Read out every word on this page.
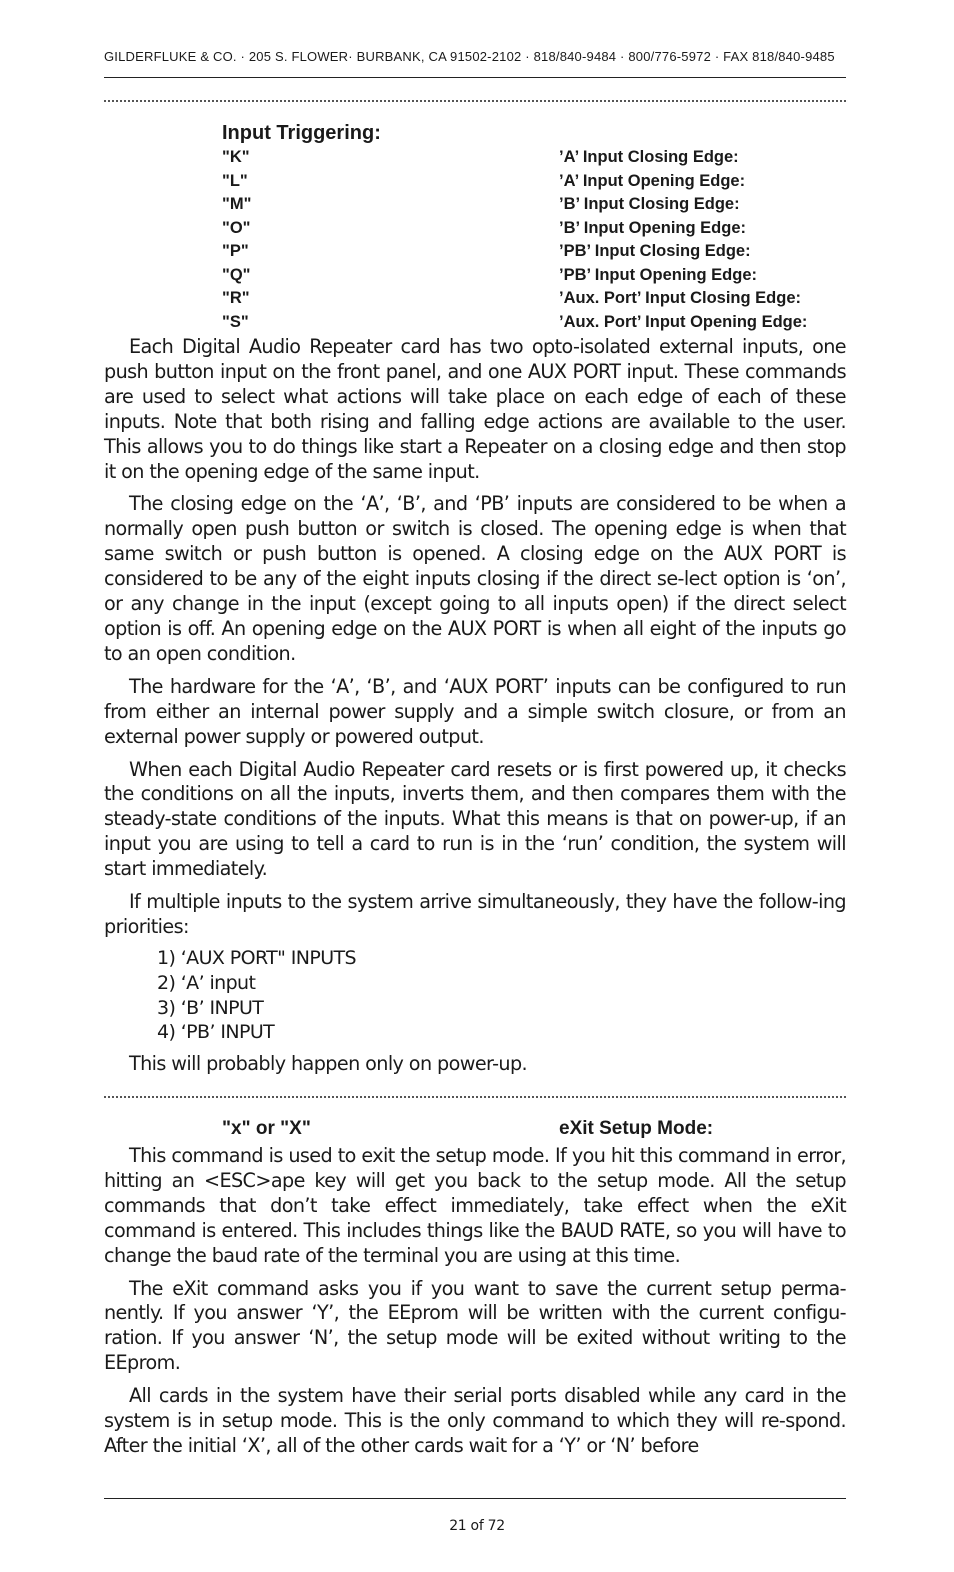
GILDERFLUKE & CO. · 205 S. FLOWER· BURBANK, CA 91502-2102 · 818/840-9484 · 800/776-5972 · FAX 818/840-9485
Input Triggering:
"K"	’A’ Input Closing Edge:
"L"	’A’ Input Opening Edge:
"M"	’B’ Input Closing Edge:
"O"	’B’ Input Opening Edge:
"P"	’PB’ Input Closing Edge:
"Q"	’PB’ Input Opening Edge:
"R"	’Aux. Port’ Input Closing Edge:
"S"	’Aux. Port’ Input Opening Edge:

Each Digital Audio Repeater card has two opto-isolated external inputs, one push button input on the front panel, and one AUX PORT input. These commands are used to select what actions will take place on each edge of each of these inputs. Note that both rising and falling edge actions are available to the user. This allows you to do things like start a Repeater on a closing edge and then stop it on the opening edge of the same input.

The closing edge on the ‘A’, ‘B’, and ‘PB’ inputs are considered to be when a normally open push button or switch is closed. The opening edge is when that same switch or push button is opened. A closing edge on the AUX PORT is considered to be any of the eight inputs closing if the direct se-lect option is ‘on’, or any change in the input (except going to all inputs open) if the direct select option is off. An opening edge on the AUX PORT is when all eight of the inputs go to an open condition.

The hardware for the ‘A’, ‘B’, and ‘AUX PORT’ inputs can be configured to run from either an internal power supply and a simple switch closure, or from an external power supply or powered output.

When each Digital Audio Repeater card resets or is first powered up, it checks the conditions on all the inputs, inverts them, and then compares them with the steady-state conditions of the inputs. What this means is that on power-up, if an input you are using to tell a card to run is in the ‘run’ condition, the system will start immediately.

If multiple inputs to the system arrive simultaneously, they have the follow-ing priorities:

1) ‘AUX PORT" INPUTS
2) ‘A’ input
3) ‘B’ INPUT
4) ‘PB’ INPUT
This will probably happen only on power-up.
"x" or "X"	eXit Setup Mode:

This command is used to exit the setup mode. If you hit this command in error, hitting an <ESC>ape key will get you back to the setup mode. All the setup commands that don’t take effect immediately, take effect when the eXit command is entered. This includes things like the BAUD RATE, so you will have to change the baud rate of the terminal you are using at this time.

The eXit command asks you if you want to save the current setup perma-nently. If you answer ‘Y’, the EEprom will be written with the current configu-ration. If you answer ‘N’, the setup mode will be exited without writing to the EEprom.

All cards in the system have their serial ports disabled while any card in the system is in setup mode. This is the only command to which they will re-spond. After the initial ‘X’, all of the other cards wait for a ‘Y’ or ‘N’ before

21 of 72
